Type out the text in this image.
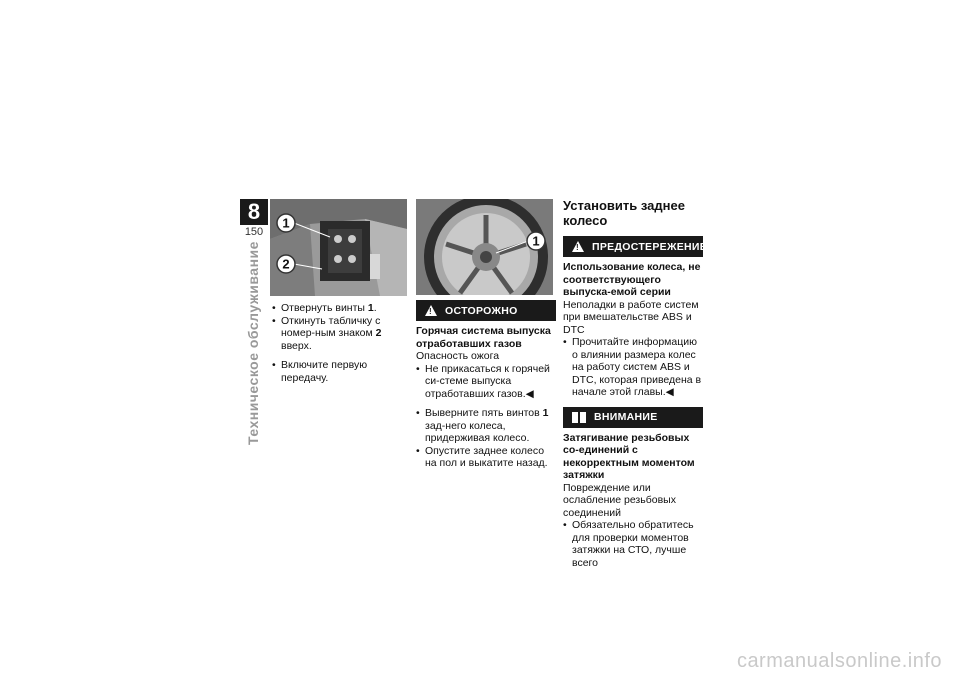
8
150
Техническое обслуживание
1
2
1

• Отвернуть винты 1.

• Откинуть табличку с номер-ным знаком 2 вверх.

• Включите первую передачу.

! ОСТОРОЖНО
Горячая система выпуска отработавших газов
Опасность ожога

• Не прикасаться к горячей си-стеме выпуска отработавших газов.◀

• Выверните пять винтов 1 зад-него колеса, придерживая колесо.

• Опустите заднее колесо на пол и выкатите назад.

Установить заднее колесо
! ПРЕДОСТЕРЕЖЕНИЕ
Использование колеса, не соответствующего выпуска-емой серии
Неполадки в работе систем при вмешательстве ABS и DTC

• Прочитайте информацию о влиянии размера колес на работу систем ABS и DTC, которая приведена в начале этой главы.◀

ВНИМАНИЕ
Затягивание резьбовых со-единений с некорректным моментом затяжки
Повреждение или ослабление резьбовых соединений

• Обязательно обратитесь для проверки моментов затяжки на СТО, лучше всего

carmanualsonline.info
